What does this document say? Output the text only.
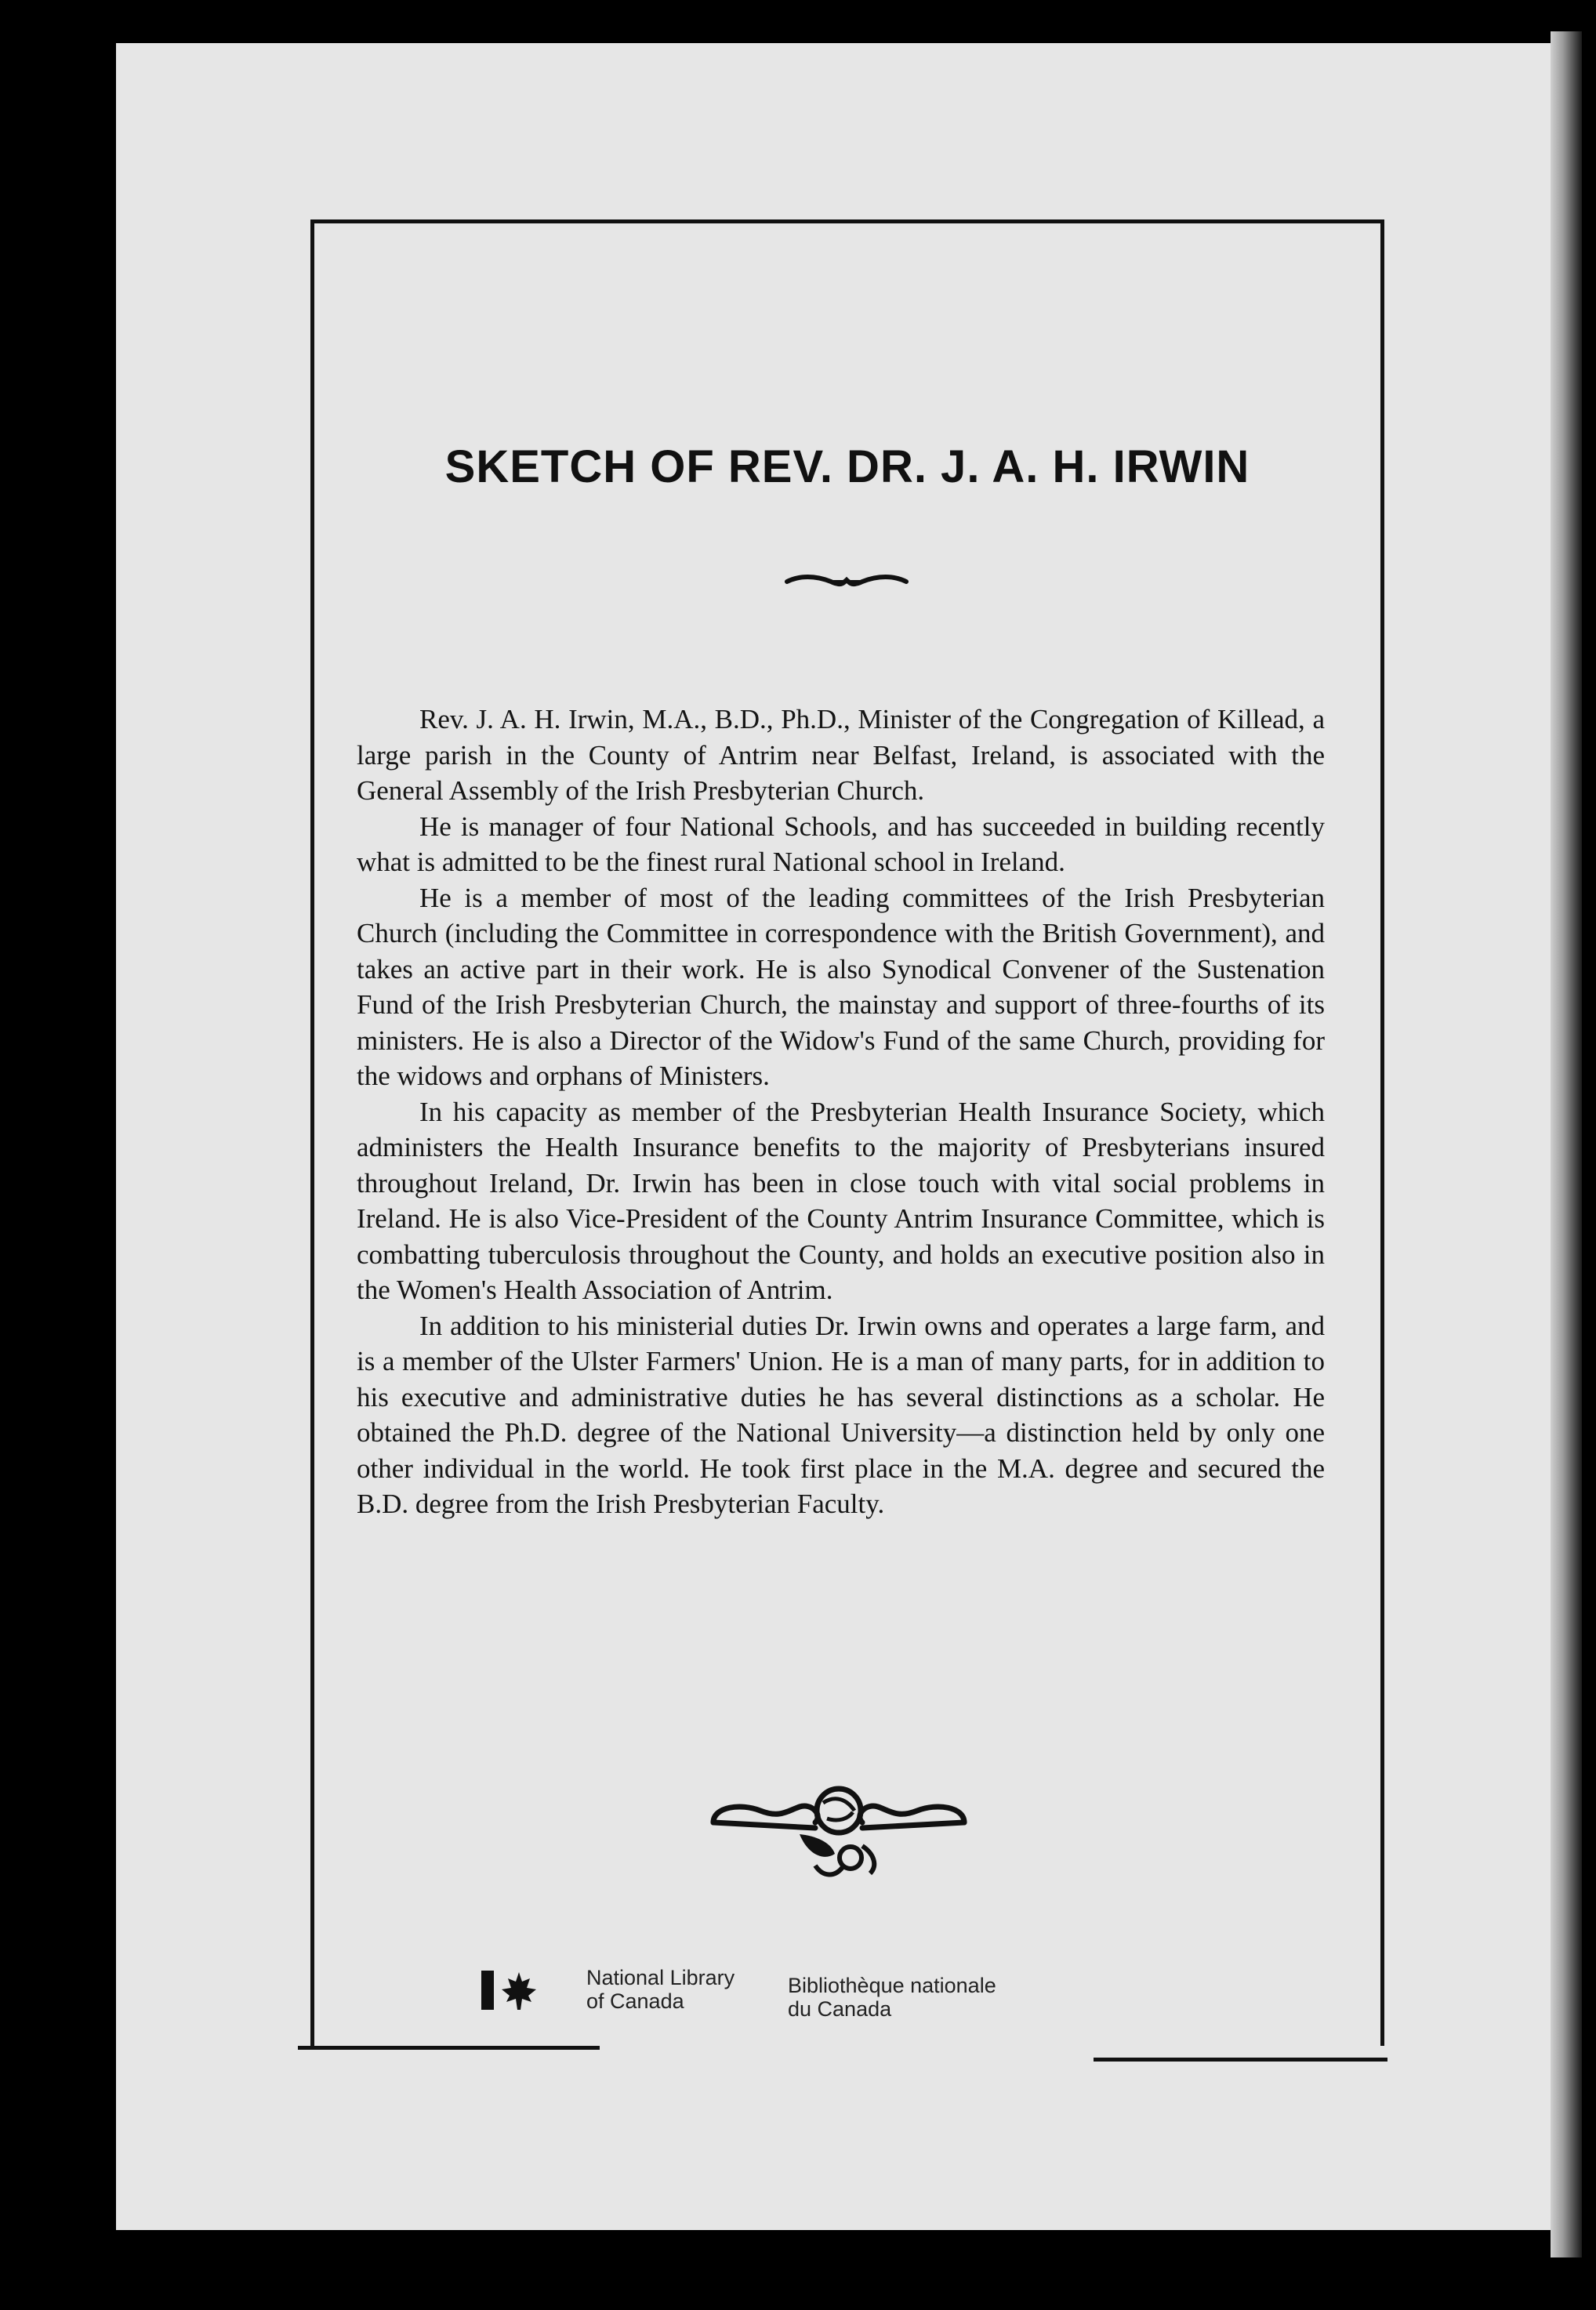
SKETCH OF REV. DR. J. A. H. IRWIN

Rev. J. A. H. Irwin, M.A., B.D., Ph.D., Minister of the Congregation of Killead, a large parish in the County of Antrim near Belfast, Ireland, is associated with the General Assembly of the Irish Presbyterian Church.

He is manager of four National Schools, and has succeeded in building recently what is admitted to be the finest rural National school in Ireland.

He is a member of most of the leading committees of the Irish Presbyterian Church (including the Committee in correspondence with the British Government), and takes an active part in their work. He is also Synodical Convener of the Sustenation Fund of the Irish Presbyterian Church, the mainstay and support of three-fourths of its ministers. He is also a Director of the Widow's Fund of the same Church, providing for the widows and orphans of Ministers.

In his capacity as member of the Presbyterian Health Insurance Society, which administers the Health Insurance benefits to the majority of Presbyterians insured throughout Ireland, Dr. Irwin has been in close touch with vital social problems in Ireland. He is also Vice-President of the County Antrim Insurance Committee, which is combatting tuberculosis throughout the County, and holds an executive position also in the Women's Health Association of Antrim.

In addition to his ministerial duties Dr. Irwin owns and operates a large farm, and is a member of the Ulster Farmers' Union. He is a man of many parts, for in addition to his executive and administrative duties he has several distinctions as a scholar. He obtained the Ph.D. degree of the National University—a distinction held by only one other individual in the world. He took first place in the M.A. degree and secured the B.D. degree from the Irish Presbyterian Faculty.

National Library
of Canada
Bibliothèque nationale
du Canada
